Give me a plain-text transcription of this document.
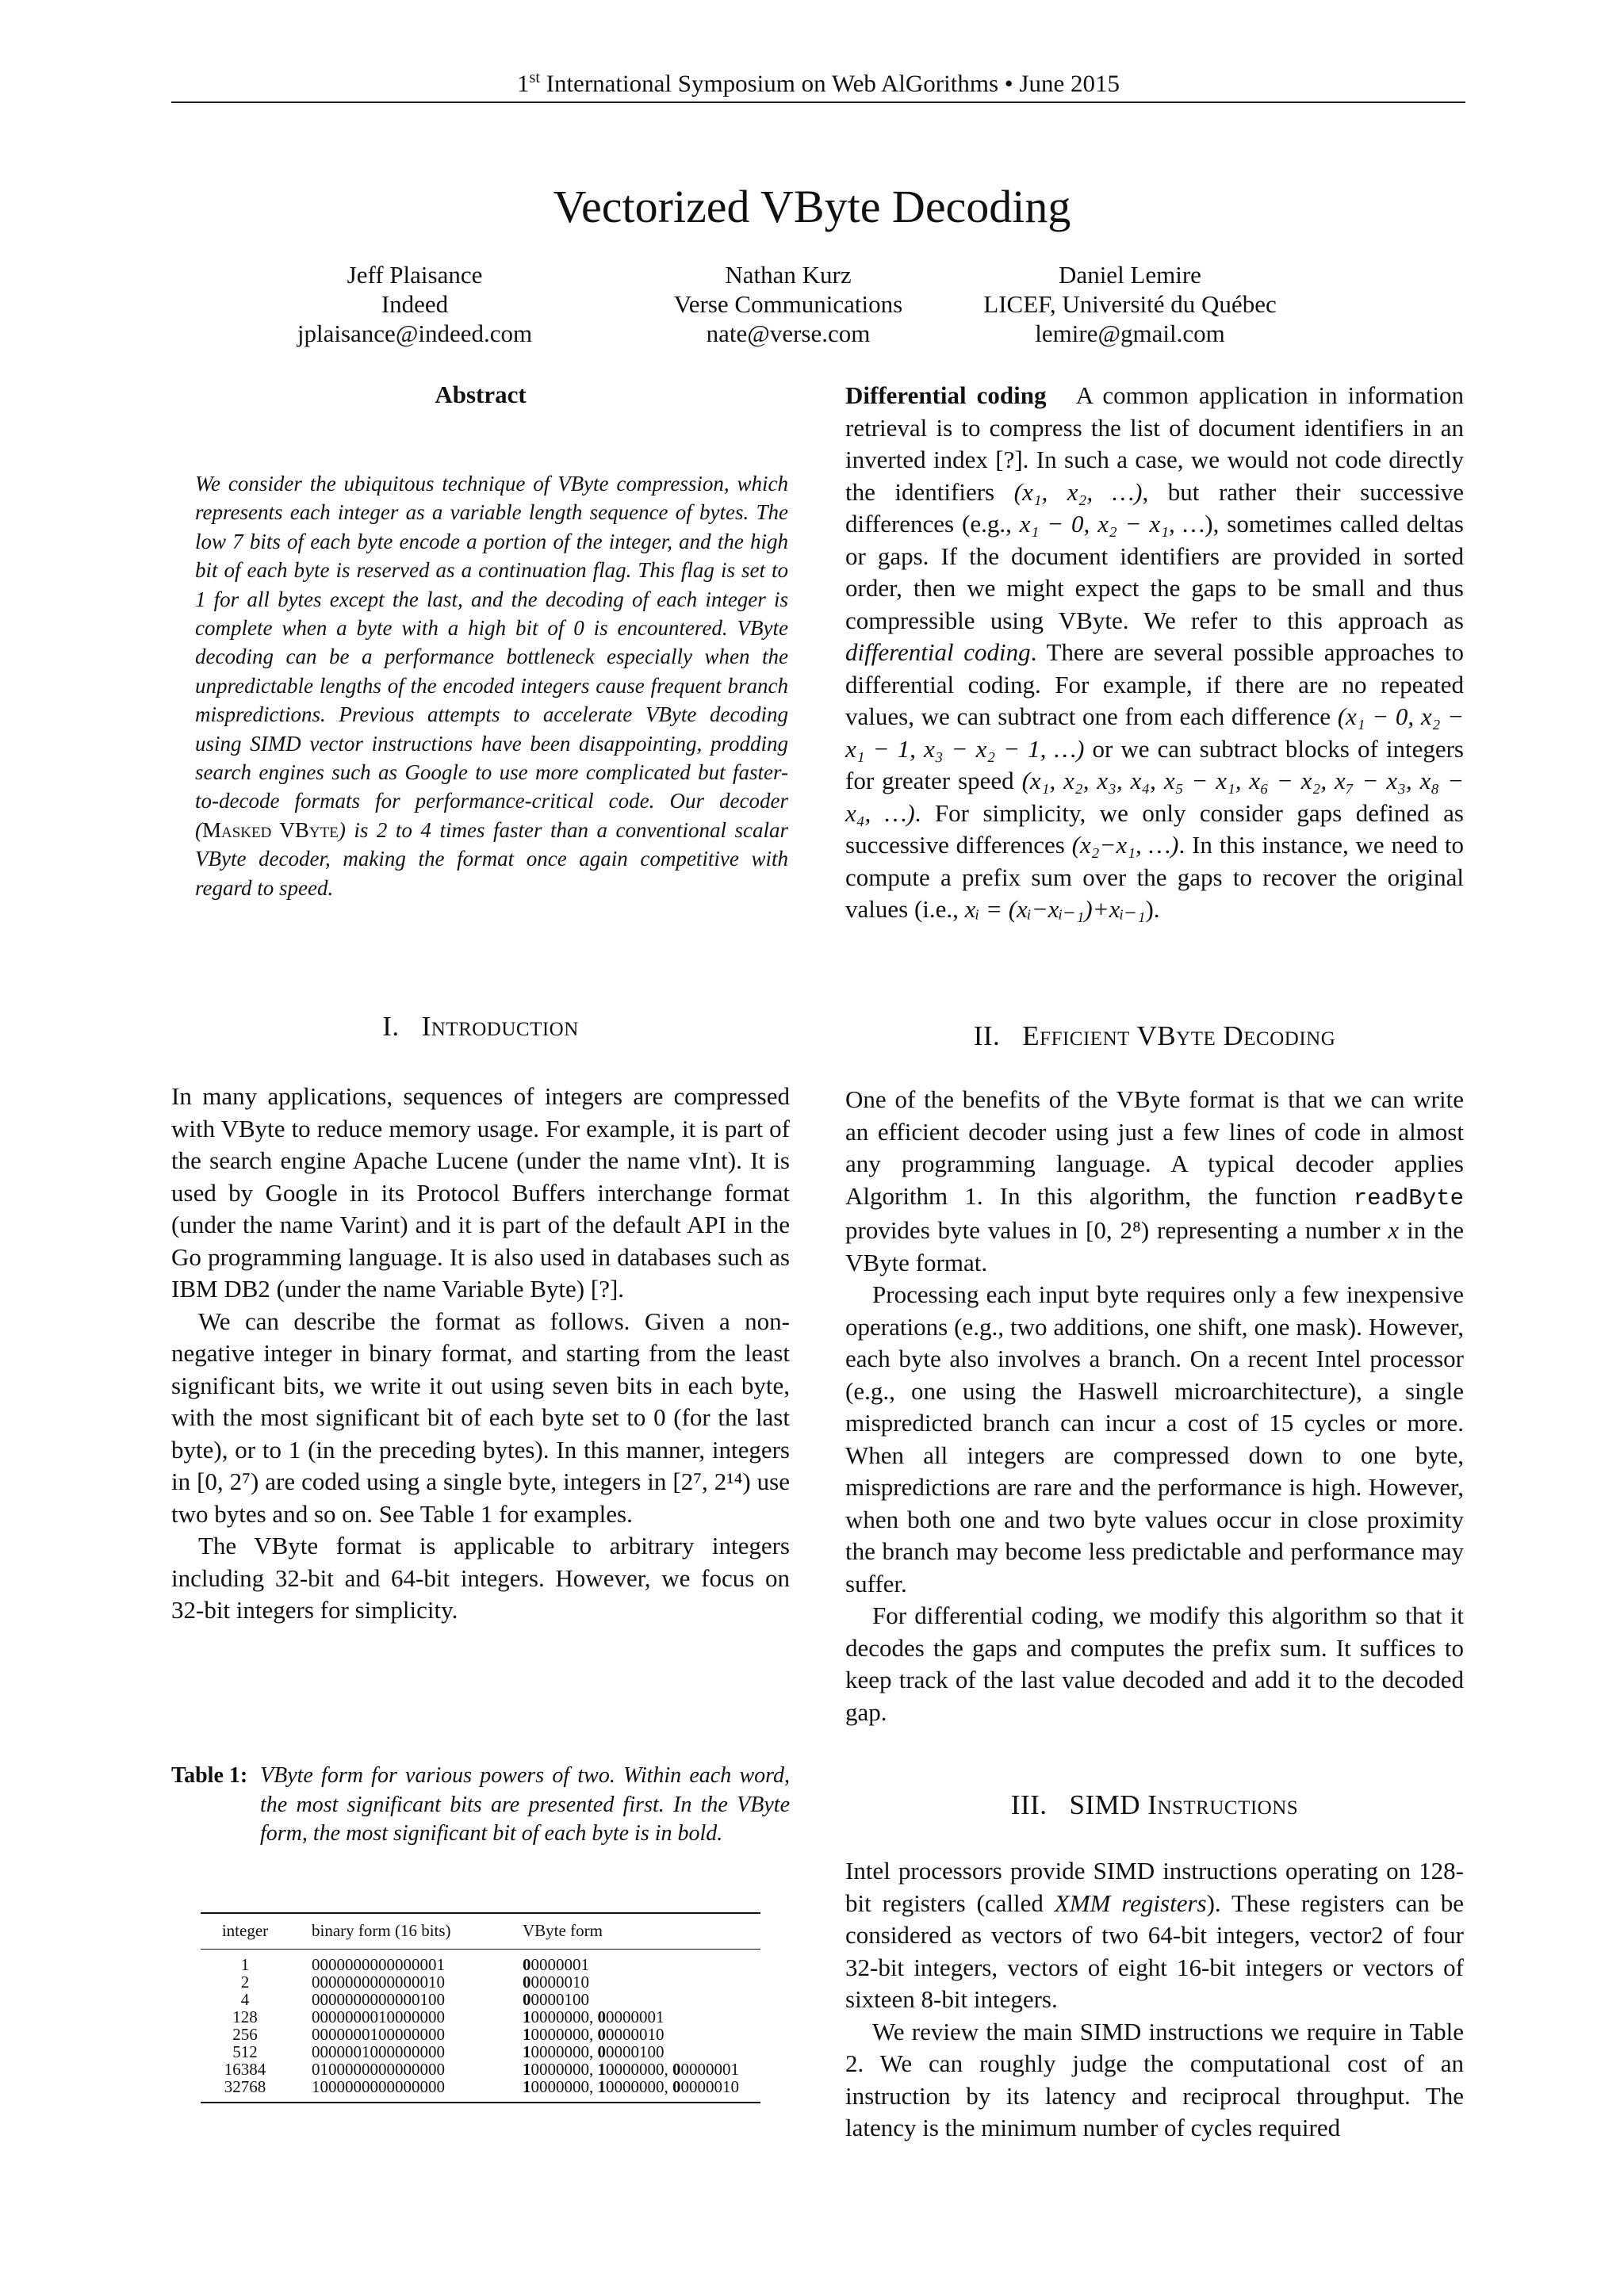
1st International Symposium on Web AlGorithms • June 2015
Vectorized VByte Decoding
Jeff Plaisance
Indeed
jplaisance@indeed.com
Nathan Kurz
Verse Communications
nate@verse.com
Daniel Lemire
LICEF, Université du Québec
lemire@gmail.com
Abstract
We consider the ubiquitous technique of VByte compression, which represents each integer as a variable length sequence of bytes. The low 7 bits of each byte encode a portion of the integer, and the high bit of each byte is reserved as a continuation flag. This flag is set to 1 for all bytes except the last, and the decoding of each integer is complete when a byte with a high bit of 0 is encountered. VByte decoding can be a performance bottleneck especially when the unpredictable lengths of the encoded integers cause frequent branch mispredictions. Previous attempts to accelerate VByte decoding using SIMD vector instructions have been disappointing, prodding search engines such as Google to use more complicated but faster-to-decode formats for performance-critical code. Our decoder (Masked VByte) is 2 to 4 times faster than a conventional scalar VByte decoder, making the format once again competitive with regard to speed.
I. Introduction

In many applications, sequences of integers are compressed with VByte to reduce memory usage. For example, it is part of the search engine Apache Lucene (under the name vInt). It is used by Google in its Protocol Buffers interchange format (under the name Varint) and it is part of the default API in the Go programming language. It is also used in databases such as IBM DB2 (under the name Variable Byte) [?].

We can describe the format as follows. Given a non-negative integer in binary format, and starting from the least significant bits, we write it out using seven bits in each byte, with the most significant bit of each byte set to 0 (for the last byte), or to 1 (in the preceding bytes). In this manner, integers in [0, 2⁷) are coded using a single byte, integers in [2⁷, 2¹⁴) use two bytes and so on. See Table 1 for examples.

The VByte format is applicable to arbitrary integers including 32-bit and 64-bit integers. However, we focus on 32-bit integers for simplicity.

Table 1: VByte form for various powers of two. Within each word, the most significant bits are presented first. In the VByte form, the most significant bit of each byte is in bold.
integer	binary form (16 bits)	VByte form
1	0000000000000001	00000001
2	0000000000000010	00000010
4	0000000000000100	00000100
128	0000000010000000	10000000, 00000001
256	0000000100000000	10000000, 00000010
512	0000001000000000	10000000, 00000100
16384	0100000000000000	10000000, 10000000, 00000001
32768	1000000000000000	10000000, 10000000, 00000010

Differential coding A common application in information retrieval is to compress the list of document identifiers in an inverted index [?]. In such a case, we would not code directly the identifiers (x₁, x₂, …), but rather their successive differences (e.g., x₁ − 0, x₂ − x₁, …), sometimes called deltas or gaps. If the document identifiers are provided in sorted order, then we might expect the gaps to be small and thus compressible using VByte. We refer to this approach as differential coding. There are several possible approaches to differential coding. For example, if there are no repeated values, we can subtract one from each difference (x₁ − 0, x₂ − x₁ − 1, x₃ − x₂ − 1, …) or we can subtract blocks of integers for greater speed (x₁, x₂, x₃, x₄, x₅ − x₁, x₆ − x₂, x₇ − x₃, x₈ − x₄, …). For simplicity, we only consider gaps defined as successive differences (x₂−x₁, …). In this instance, we need to compute a prefix sum over the gaps to recover the original values (i.e., xᵢ = (xᵢ−xᵢ₋₁)+xᵢ₋₁).

II. Efficient VByte Decoding

One of the benefits of the VByte format is that we can write an efficient decoder using just a few lines of code in almost any programming language. A typical decoder applies Algorithm 1. In this algorithm, the function readByte provides byte values in [0, 2⁸) representing a number x in the VByte format.

Processing each input byte requires only a few inexpensive operations (e.g., two additions, one shift, one mask). However, each byte also involves a branch. On a recent Intel processor (e.g., one using the Haswell microarchitecture), a single mispredicted branch can incur a cost of 15 cycles or more. When all integers are compressed down to one byte, mispredictions are rare and the performance is high. However, when both one and two byte values occur in close proximity the branch may become less predictable and performance may suffer.

For differential coding, we modify this algorithm so that it decodes the gaps and computes the prefix sum. It suffices to keep track of the last value decoded and add it to the decoded gap.

III. SIMD Instructions

Intel processors provide SIMD instructions operating on 128-bit registers (called XMM registers). These registers can be considered as vectors of two 64-bit integers, vector2 of four 32-bit integers, vectors of eight 16-bit integers or vectors of sixteen 8-bit integers.

We review the main SIMD instructions we require in Table 2. We can roughly judge the computational cost of an instruction by its latency and reciprocal throughput. The latency is the minimum number of cycles required
